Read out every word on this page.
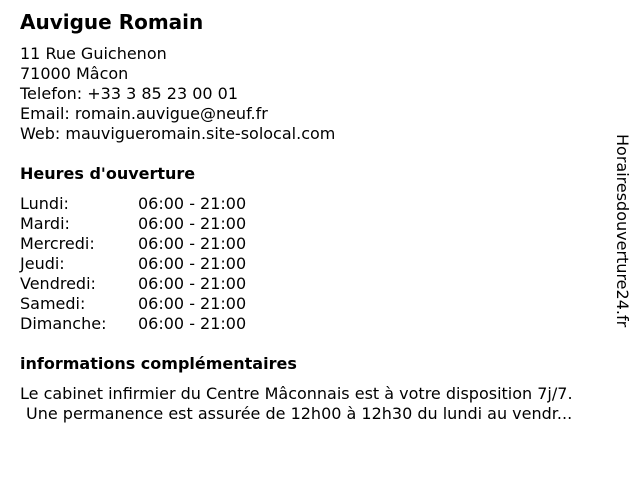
Auvigue Romain
11 Rue Guichenon
71000 Mâcon
Telefon: +33 3 85 23 00 01
Email: romain.auvigue@neuf.fr
Web: mauvigueromain.site-solocal.com
Heures d'ouverture
Lundi:	06:00 - 21:00
Mardi:	06:00 - 21:00
Mercredi:	06:00 - 21:00
Jeudi:	06:00 - 21:00
Vendredi:	06:00 - 21:00
Samedi:	06:00 - 21:00
Dimanche:	06:00 - 21:00
informations complémentaires
Le cabinet infirmier du Centre Mâconnais est à votre disposition 7j/7.
Une permanence est assurée de 12h00 à 12h30 du lundi au vendr...
Horairesdouverture24.fr
